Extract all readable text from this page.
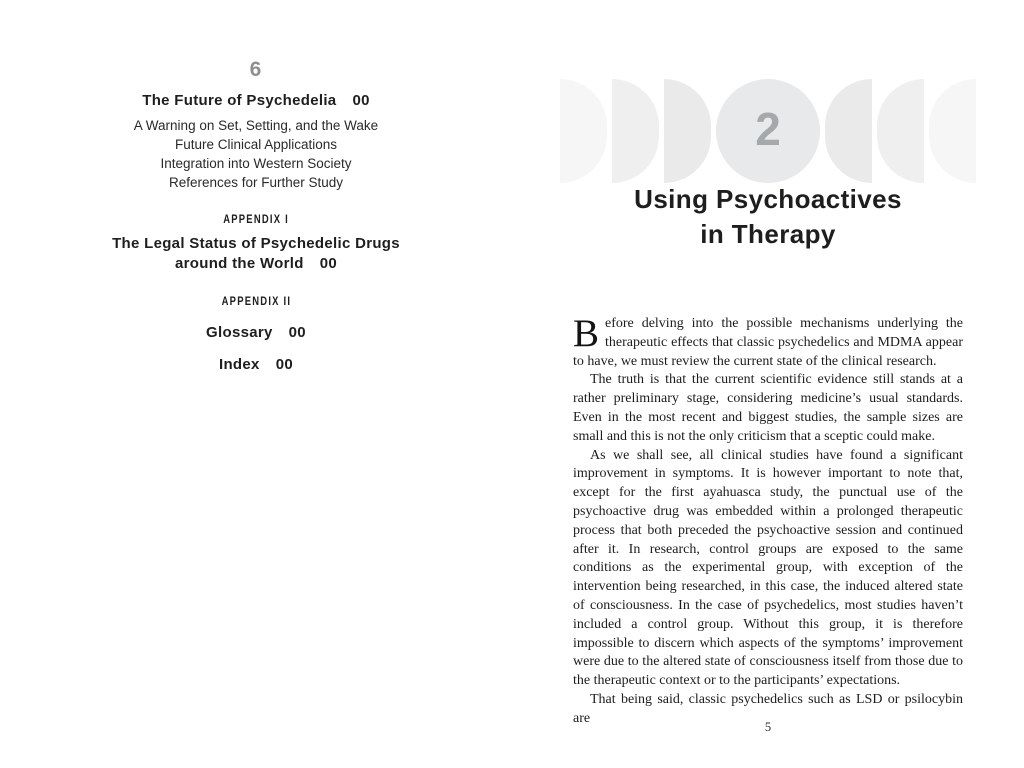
6
The Future of Psychedelia 00
A Warning on Set, Setting, and the Wake
Future Clinical Applications
Integration into Western Society
References for Further Study
APPENDIX I
The Legal Status of Psychedelic Drugs
around the World 00
APPENDIX II
Glossary 00
Index 00
2
Using Psychoactives
in Therapy

Before delving into the possible mechanisms underlying the therapeutic effects that classic psychedelics and MDMA appear to have, we must review the current state of the clinical research.

The truth is that the current scientific evidence still stands at a rather preliminary stage, considering medicine’s usual standards. Even in the most recent and biggest studies, the sample sizes are small and this is not the only criticism that a sceptic could make.

As we shall see, all clinical studies have found a significant improvement in symptoms. It is however important to note that, except for the first ayahuasca study, the punctual use of the psychoactive drug was embedded within a prolonged therapeutic process that both preceded the psychoactive session and continued after it. In research, control groups are exposed to the same conditions as the experimental group, with exception of the intervention being researched, in this case, the induced altered state of consciousness. In the case of psychedelics, most studies haven’t included a control group. Without this group, it is therefore impossible to discern which aspects of the symptoms’ improvement were due to the altered state of consciousness itself from those due to the therapeutic context or to the participants’ expectations.

That being said, classic psychedelics such as LSD or psilocybin are

5
